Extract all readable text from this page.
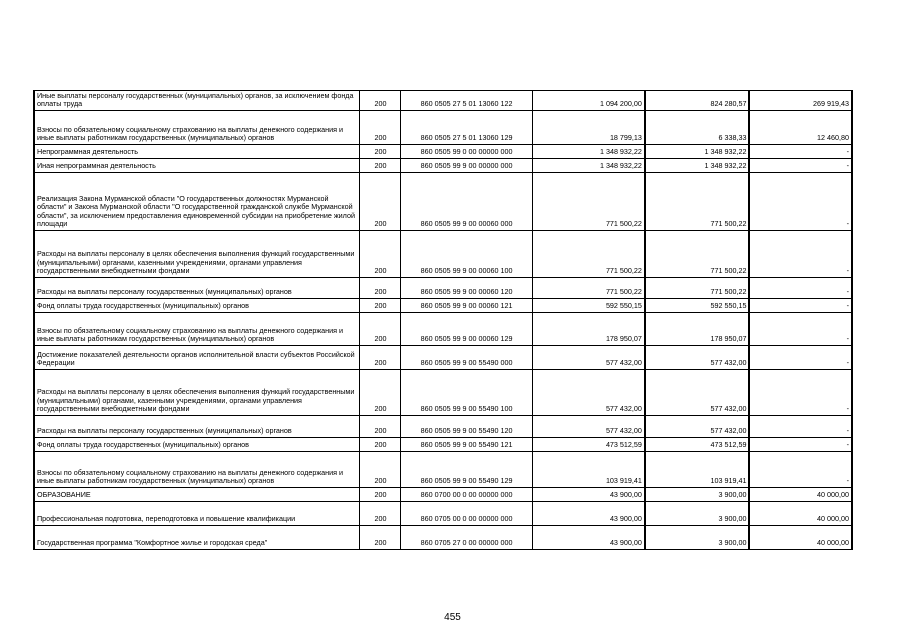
Иные выплаты персоналу государственных (муниципальных) органов, за исключением фонда оплаты труда	200	860 0505 27 5 01 13060 122	1 094 200,00	824 280,57	269 919,43
Взносы по обязательному социальному страхованию на выплаты денежного содержания и иные выплаты работникам государственных (муниципальных) органов	200	860 0505 27 5 01 13060 129	18 799,13	6 338,33	12 460,80
Непрограммная деятельность	200	860 0505 99 0 00 00000 000	1 348 932,22	1 348 932,22	-
Иная непрограммная деятельность	200	860 0505 99 9 00 00000 000	1 348 932,22	1 348 932,22	-
Реализация Закона Мурманской области "О государственных должностях Мурманской области" и Закона Мурманской области "О государственной гражданской службе Мурманской области", за исключением предоставления единовременной субсидии на приобретение жилой площади	200	860 0505 99 9 00 00060 000	771 500,22	771 500,22	-
Расходы на выплаты персоналу в целях обеспечения выполнения функций государственными (муниципальными) органами, казенными учреждениями, органами управления государственными внебюджетными фондами	200	860 0505 99 9 00 00060 100	771 500,22	771 500,22	-
Расходы на выплаты персоналу государственных (муниципальных) органов	200	860 0505 99 9 00 00060 120	771 500,22	771 500,22	-
Фонд оплаты труда государственных (муниципальных) органов	200	860 0505 99 9 00 00060 121	592 550,15	592 550,15	-
Взносы по обязательному социальному страхованию на выплаты денежного содержания и иные выплаты работникам государственных (муниципальных) органов	200	860 0505 99 9 00 00060 129	178 950,07	178 950,07	-
Достижение показателей деятельности органов исполнительной власти субъектов Российской Федерации	200	860 0505 99 9 00 55490 000	577 432,00	577 432,00	-
Расходы на выплаты персоналу в целях обеспечения выполнения функций государственными (муниципальными) органами, казенными учреждениями, органами управления государственными внебюджетными фондами	200	860 0505 99 9 00 55490 100	577 432,00	577 432,00	-
Расходы на выплаты персоналу государственных (муниципальных) органов	200	860 0505 99 9 00 55490 120	577 432,00	577 432,00	-
Фонд оплаты труда государственных (муниципальных) органов	200	860 0505 99 9 00 55490 121	473 512,59	473 512,59	-
Взносы по обязательному социальному страхованию на выплаты денежного содержания и иные выплаты работникам государственных (муниципальных) органов	200	860 0505 99 9 00 55490 129	103 919,41	103 919,41	-
ОБРАЗОВАНИЕ	200	860 0700 00 0 00 00000 000	43 900,00	3 900,00	40 000,00
Профессиональная подготовка, переподготовка и повышение квалификации	200	860 0705 00 0 00 00000 000	43 900,00	3 900,00	40 000,00
Государственная программа "Комфортное жилье и городская среда"	200	860 0705 27 0 00 00000 000	43 900,00	3 900,00	40 000,00
455
